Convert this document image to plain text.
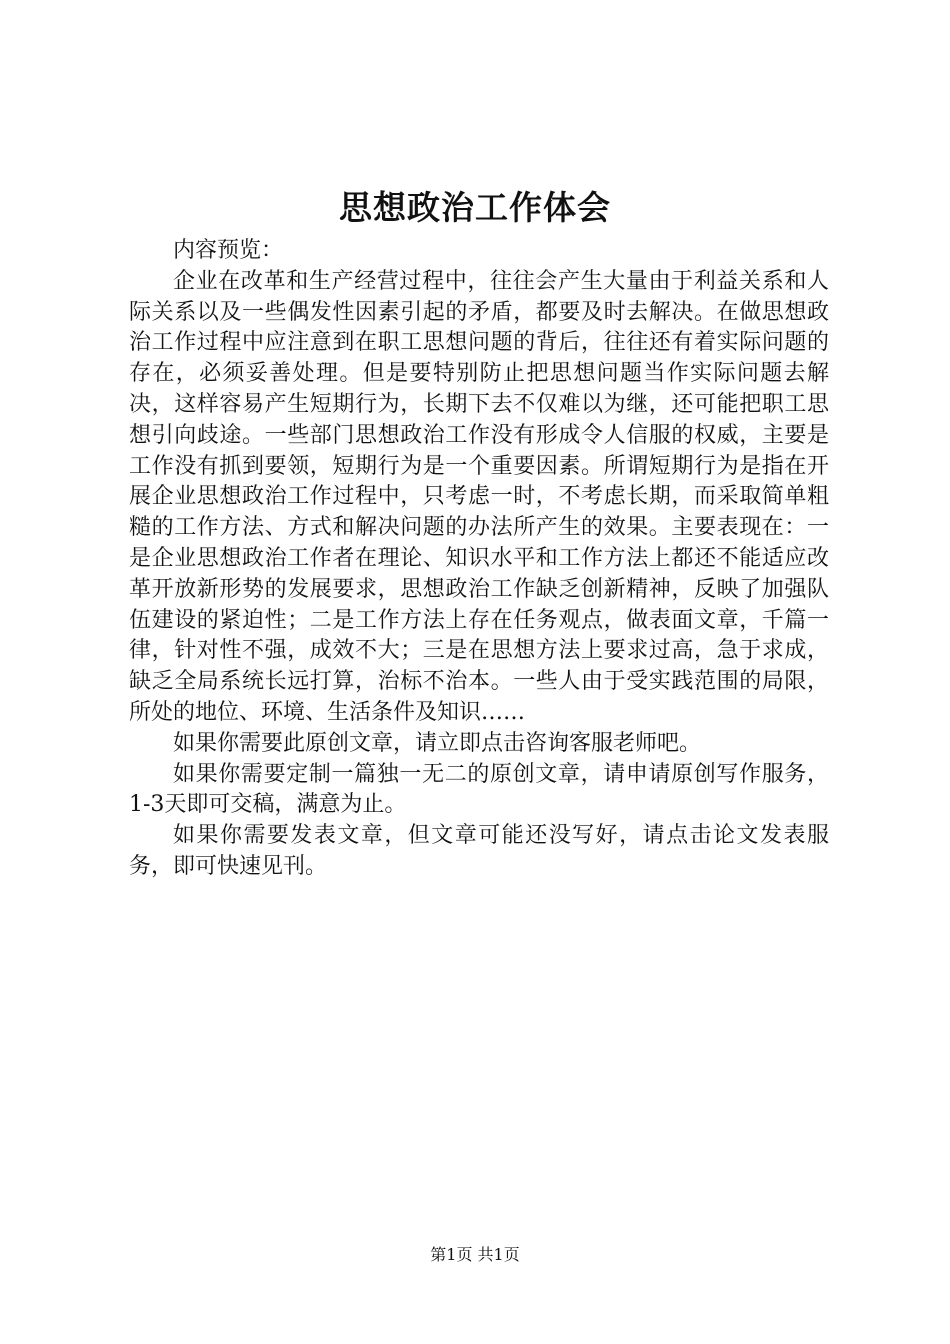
思想政治工作体会

内容预览：

企业在改革和生产经营过程中，往往会产生大量由于利益关系和人际关系以及一些偶发性因素引起的矛盾，都要及时去解决。在做思想政治工作过程中应注意到在职工思想问题的背后，往往还有着实际问题的存在，必须妥善处理。但是要特别防止把思想问题当作实际问题去解决，这样容易产生短期行为，长期下去不仅难以为继，还可能把职工思想引向歧途。一些部门思想政治工作没有形成令人信服的权威，主要是工作没有抓到要领，短期行为是一个重要因素。所谓短期行为是指在开展企业思想政治工作过程中，只考虑一时，不考虑长期，而采取简单粗糙的工作方法、方式和解决问题的办法所产生的效果。主要表现在：一是企业思想政治工作者在理论、知识水平和工作方法上都还不能适应改革开放新形势的发展要求，思想政治工作缺乏创新精神，反映了加强队伍建设的紧迫性；二是工作方法上存在任务观点，做表面文章，千篇一律，针对性不强，成效不大；三是在思想方法上要求过高，急于求成，缺乏全局系统长远打算，治标不治本。一些人由于受实践范围的局限，所处的地位、环境、生活条件及知识……

如果你需要此原创文章，请立即点击咨询客服老师吧。

如果你需要定制一篇独一无二的原创文章，请申请原创写作服务，1-3天即可交稿，满意为止。

如果你需要发表文章，但文章可能还没写好，请点击论文发表服务，即可快速见刊。

第1页 共1页
